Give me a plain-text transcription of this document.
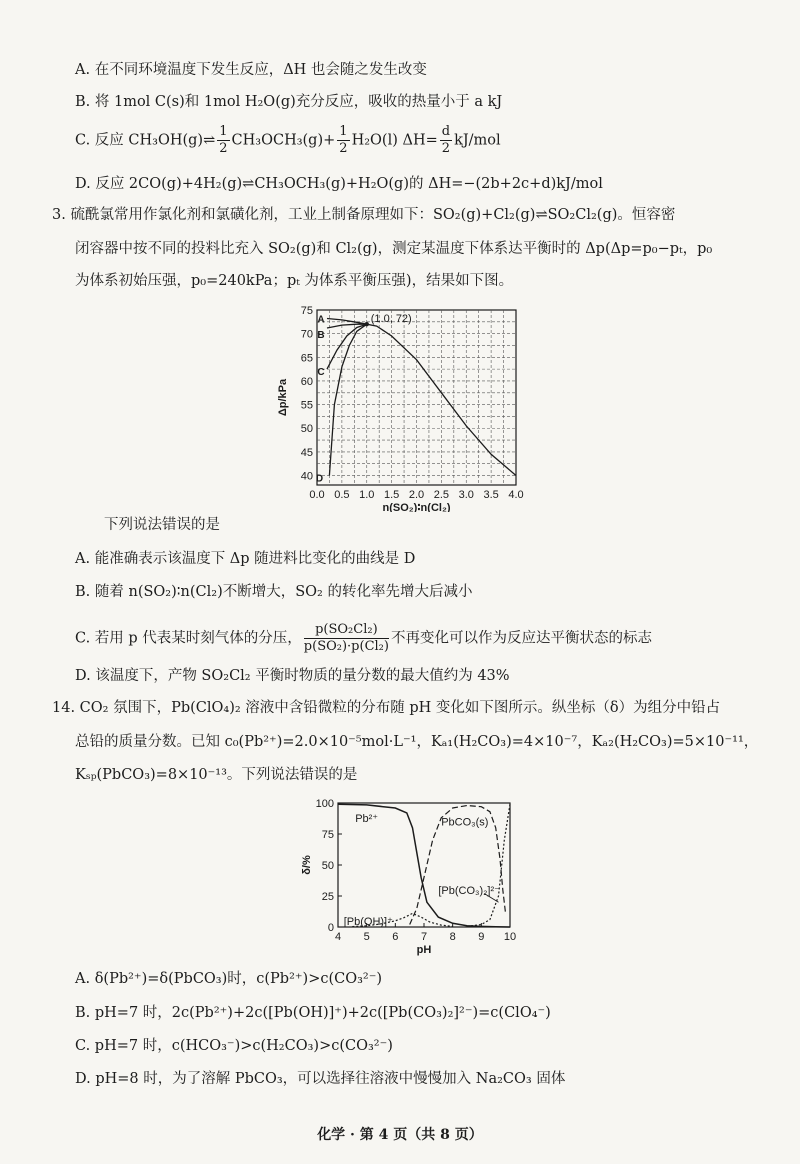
A. 在不同环境温度下发生反应，ΔH 也会随之发生改变
B. 将 1mol C(s)和 1mol H₂O(g)充分反应，吸收的热量小于 a kJ
C. 反应 CH₃OH(g)⇌ $\frac{1}{2} CH_3OCH_3(g)+ \frac{1}{2} H_2O(l)$ $\Delta H= \frac{d}{2} kJ/mol$
D. 反应 2CO(g)+4H₂(g)⇌CH₃OCH₃(g)+H₂O(g)的 ΔH=−(2b+2c+d)kJ/mol
3. 硫酰氯常用作氯化剂和氯磺化剂，工业上制备原理如下：SO₂(g)+Cl₂(g)⇌SO₂Cl₂(g)。恒容密
闭容器中按不同的投料比充入 SO₂(g)和 Cl₂(g)，测定某温度下体系达平衡时的 Δp(Δp=p₀−pₜ，p₀
为体系初始压强，p₀=240kPa；pₜ 为体系平衡压强)，结果如下图。
0.0 0.5 1.0 1.5 2.0 2.5 3.0 3.5 4.0
40
45
50
55
60
65
70
75
A
B
C
D
(1.0, 72)
n(SO₂)∶n(Cl₂)
Δp/kPa
下列说法错误的是
A. 能准确表示该温度下 Δp 随进料比变化的曲线是 D
B. 随着 n(SO₂)∶n(Cl₂)不断增大，SO₂ 的转化率先增大后减小
C. 若用 p 代表某时刻气体的分压， $\frac{\text{p(SO₂Cl₂)}}{\text{p(SO₂)·p(Cl₂)}}$ 不再变化可以作为反应达平衡状态的标志
D. 该温度下，产物 SO₂Cl₂ 平衡时物质的量分数的最大值约为 43%
14. CO₂ 氛围下，Pb(ClO₄)₂ 溶液中含铅微粒的分布随 pH 变化如下图所示。纵坐标（δ）为组分中铅占
总铅的质量分数。已知 c₀(Pb²⁺)=2.0×10⁻⁵mol·L⁻¹，Kₐ₁(H₂CO₃)=4×10⁻⁷，Kₐ₂(H₂CO₃)=5×10⁻¹¹，
Kₛₚ(PbCO₃)=8×10⁻¹³。下列说法错误的是
4 5 6 7 8 9 10
0
25
50
75
100
Pb²⁺	PbCO₃(s)
[Pb(OH)]⁺
[Pb(CO₃)₂]²⁻
pH
δ/%
A. δ(Pb²⁺)=δ(PbCO₃)时，c(Pb²⁺)>c(CO₃²⁻)
B. pH=7 时，2c(Pb²⁺)+2c([Pb(OH)]⁺)+2c([Pb(CO₃)₂]²⁻)=c(ClO₄⁻)
C. pH=7 时，c(HCO₃⁻)>c(H₂CO₃)>c(CO₃²⁻)
D. pH=8 时，为了溶解 PbCO₃，可以选择往溶液中慢慢加入 Na₂CO₃ 固体
化学 · 第 4 页（共 8 页）
